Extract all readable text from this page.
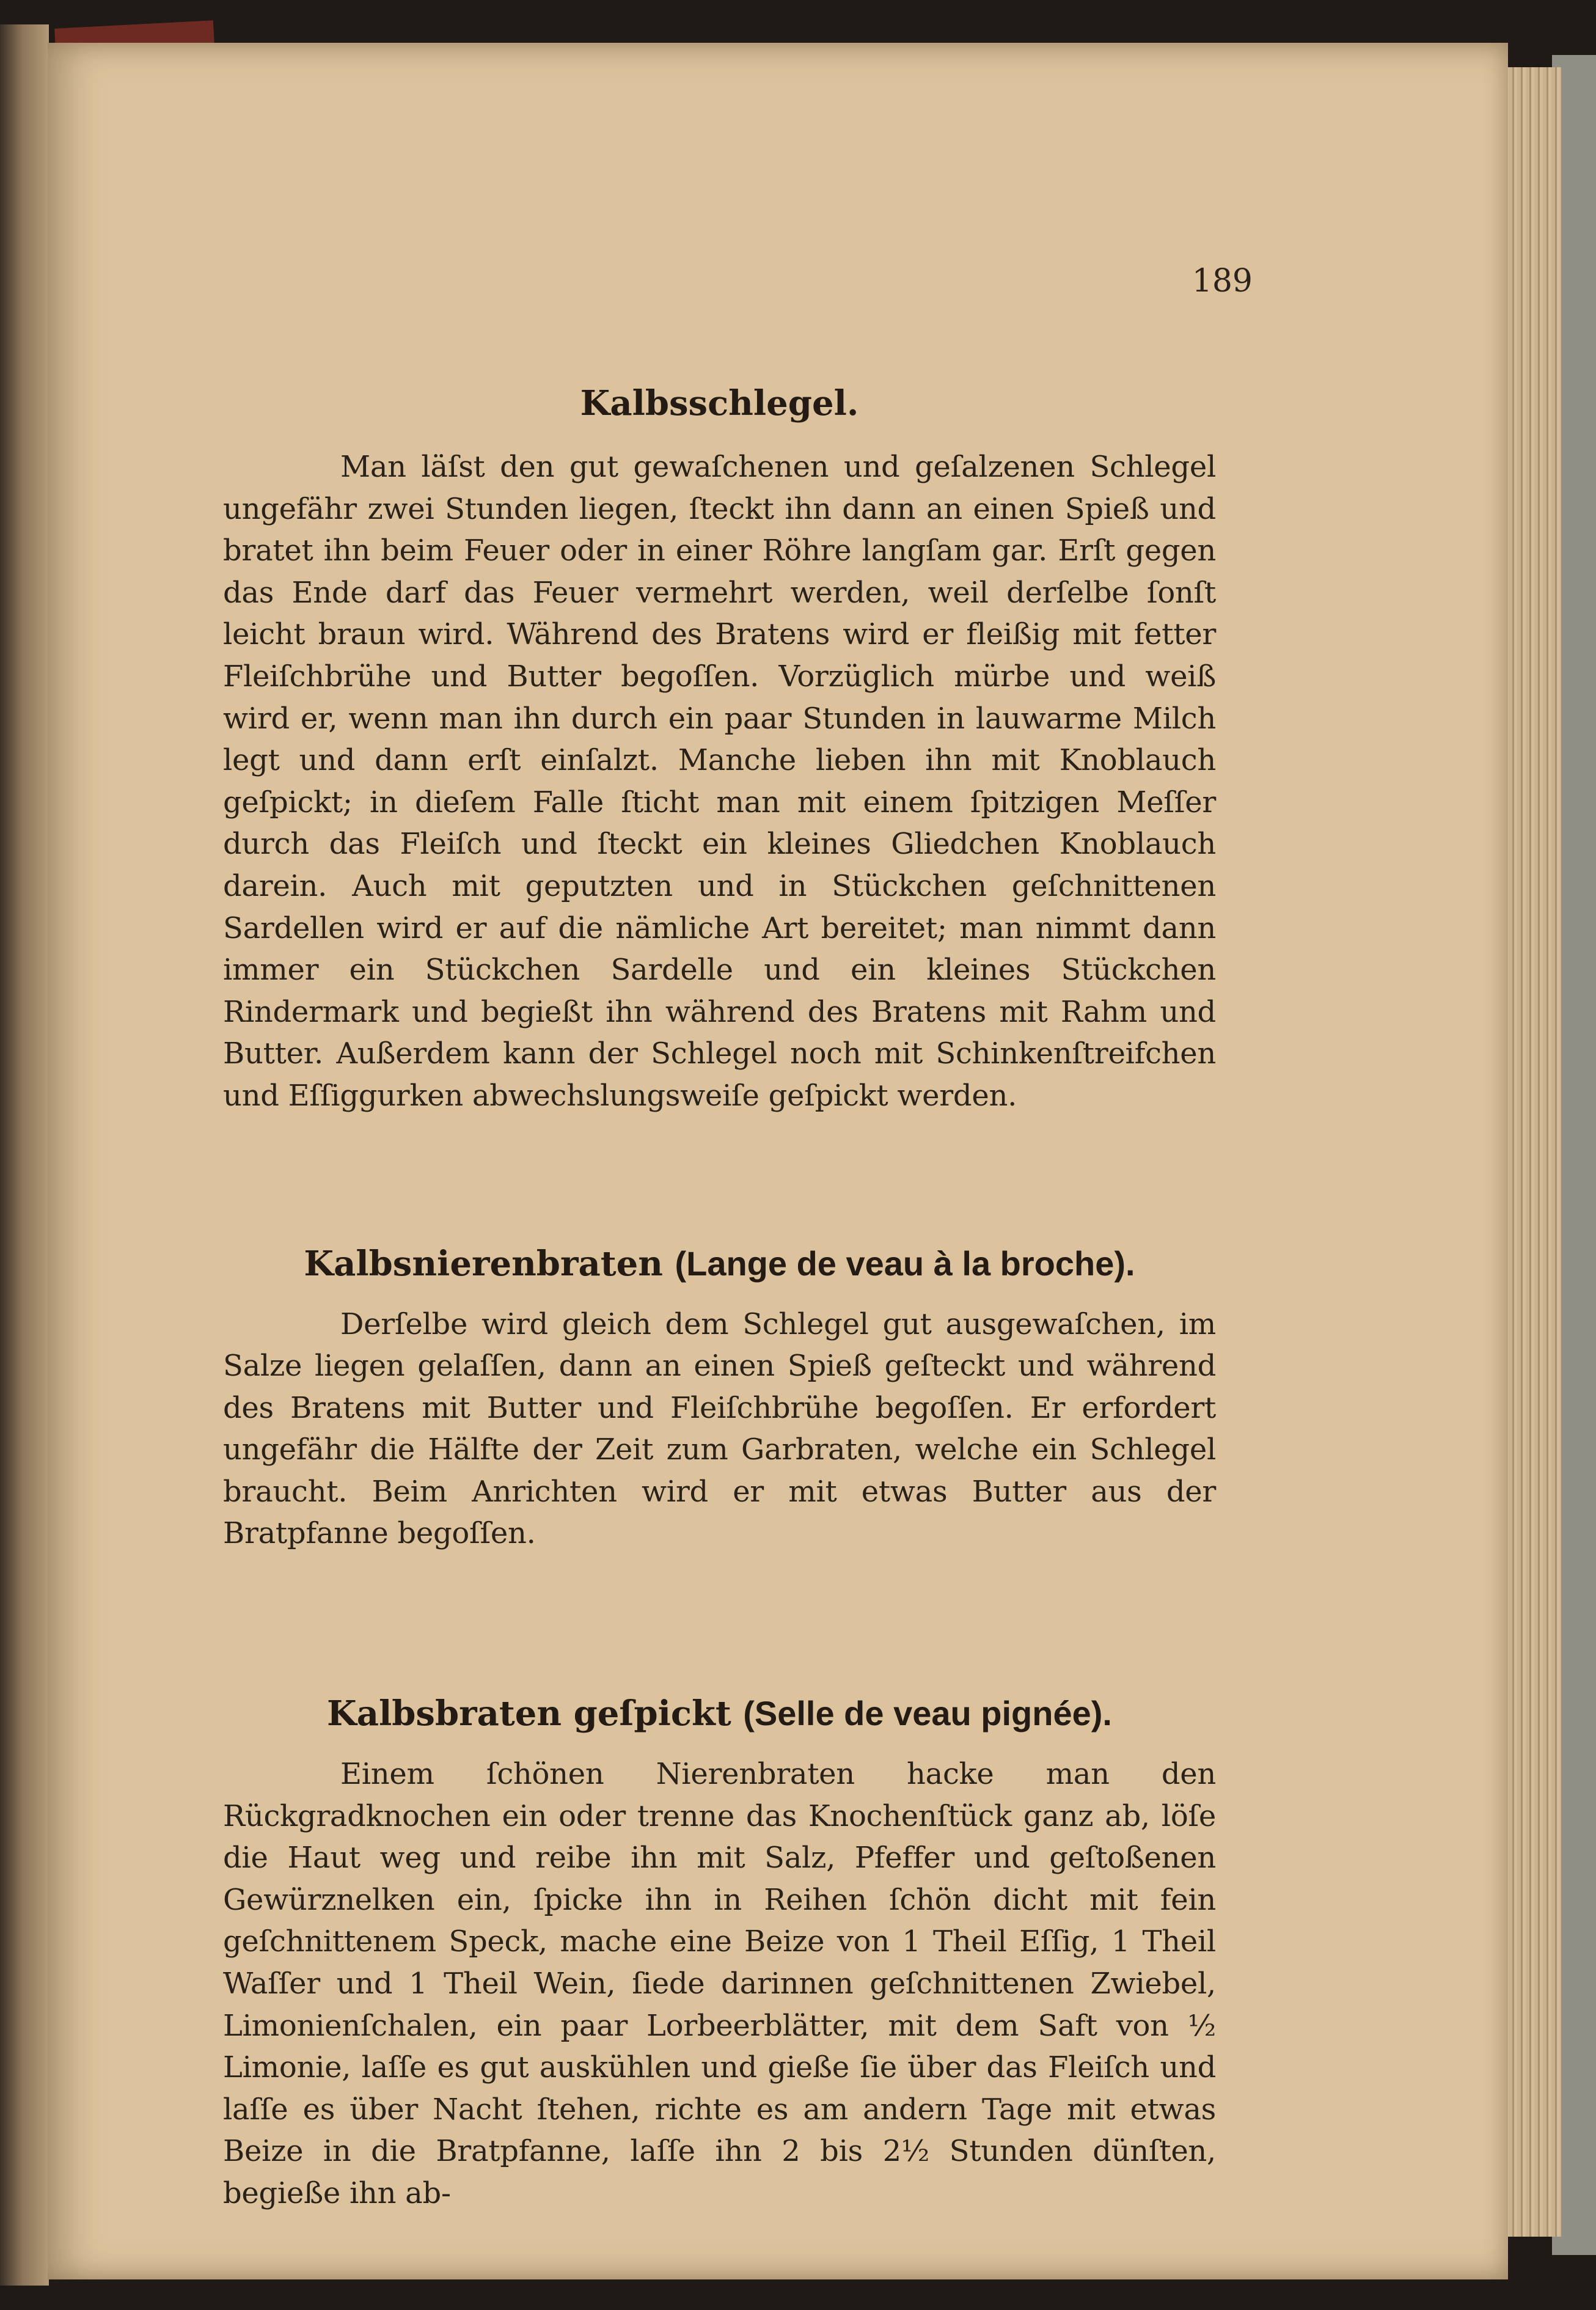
189
Kalbsschlegel.

Man läſst den gut gewaſchenen und geſalzenen Schlegel ungefähr zwei Stunden liegen, ſteckt ihn dann an einen Spieß und bratet ihn beim Feuer oder in einer Röhre langſam gar. Erſt gegen das Ende darf das Feuer vermehrt werden, weil derſelbe ſonſt leicht braun wird. Während des Bratens wird er fleißig mit fetter Fleiſchbrühe und Butter begoſſen. Vorzüglich mürbe und weiß wird er, wenn man ihn durch ein paar Stunden in lauwarme Milch legt und dann erſt einſalzt. Manche lieben ihn mit Knoblauch geſpickt; in dieſem Falle ſticht man mit einem ſpitzigen Meſſer durch das Fleiſch und ſteckt ein kleines Gliedchen Knoblauch darein. Auch mit geputzten und in Stückchen geſchnittenen Sardellen wird er auf die nämliche Art bereitet; man nimmt dann immer ein Stückchen Sardelle und ein kleines Stückchen Rindermark und begießt ihn während des Bratens mit Rahm und Butter. Außerdem kann der Schlegel noch mit Schinkenſtreifchen und Eſſiggurken abwechslungsweiſe geſpickt werden.

Kalbsnierenbraten (Lange de veau à la broche).

Derſelbe wird gleich dem Schlegel gut ausgewaſchen, im Salze liegen gelaſſen, dann an einen Spieß geſteckt und während des Bratens mit Butter und Fleiſchbrühe begoſſen. Er erfordert ungefähr die Hälfte der Zeit zum Garbraten, welche ein Schlegel braucht. Beim Anrichten wird er mit etwas Butter aus der Bratpfanne begoſſen.

Kalbsbraten geſpickt (Selle de veau pignée).

Einem ſchönen Nierenbraten hacke man den Rückgradknochen ein oder trenne das Knochenſtück ganz ab, löſe die Haut weg und reibe ihn mit Salz, Pfeffer und geſtoßenen Gewürznelken ein, ſpicke ihn in Reihen ſchön dicht mit fein geſchnittenem Speck, mache eine Beize von 1 Theil Eſſig, 1 Theil Waſſer und 1 Theil Wein, ſiede darinnen geſchnittenen Zwiebel, Limonienſchalen, ein paar Lorbeerblätter, mit dem Saft von ½ Limonie, laſſe es gut auskühlen und gieße ſie über das Fleiſch und laſſe es über Nacht ſtehen, richte es am andern Tage mit etwas Beize in die Bratpfanne, laſſe ihn 2 bis 2½ Stunden dünſten, begieße ihn ab-
